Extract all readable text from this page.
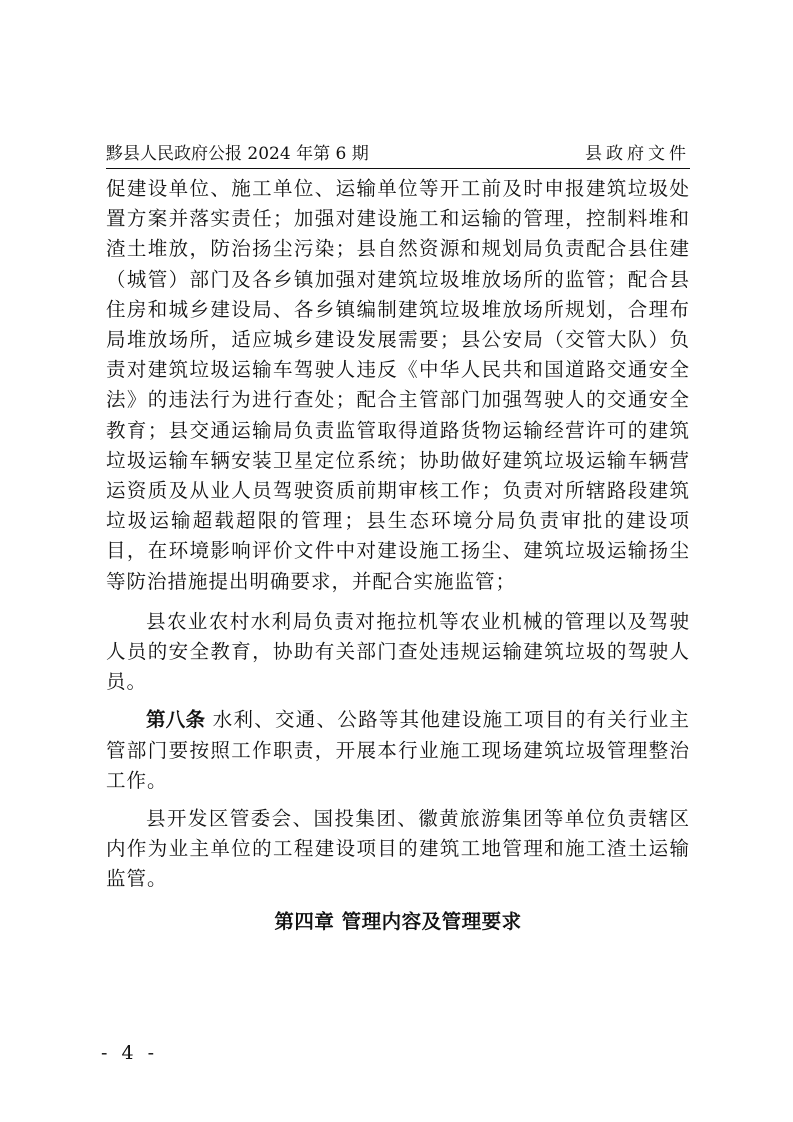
黟县人民政府公报 2024 年第 6 期	县政府文件

促建设单位、施工单位、运输单位等开工前及时申报建筑垃圾处置方案并落实责任；加强对建设施工和运输的管理，控制料堆和渣土堆放，防治扬尘污染；县自然资源和规划局负责配合县住建（城管）部门及各乡镇加强对建筑垃圾堆放场所的监管；配合县住房和城乡建设局、各乡镇编制建筑垃圾堆放场所规划，合理布局堆放场所，适应城乡建设发展需要；县公安局（交管大队）负责对建筑垃圾运输车驾驶人违反《中华人民共和国道路交通安全法》的违法行为进行查处；配合主管部门加强驾驶人的交通安全教育；县交通运输局负责监管取得道路货物运输经营许可的建筑垃圾运输车辆安装卫星定位系统；协助做好建筑垃圾运输车辆营运资质及从业人员驾驶资质前期审核工作；负责对所辖路段建筑垃圾运输超载超限的管理；县生态环境分局负责审批的建设项目，在环境影响评价文件中对建设施工扬尘、建筑垃圾运输扬尘等防治措施提出明确要求，并配合实施监管；

县农业农村水利局负责对拖拉机等农业机械的管理以及驾驶人员的安全教育，协助有关部门查处违规运输建筑垃圾的驾驶人员。

第八条 水利、交通、公路等其他建设施工项目的有关行业主管部门要按照工作职责，开展本行业施工现场建筑垃圾管理整治工作。

县开发区管委会、国投集团、徽黄旅游集团等单位负责辖区内作为业主单位的工程建设项目的建筑工地管理和施工渣土运输监管。

第四章 管理内容及管理要求
- 4 -
